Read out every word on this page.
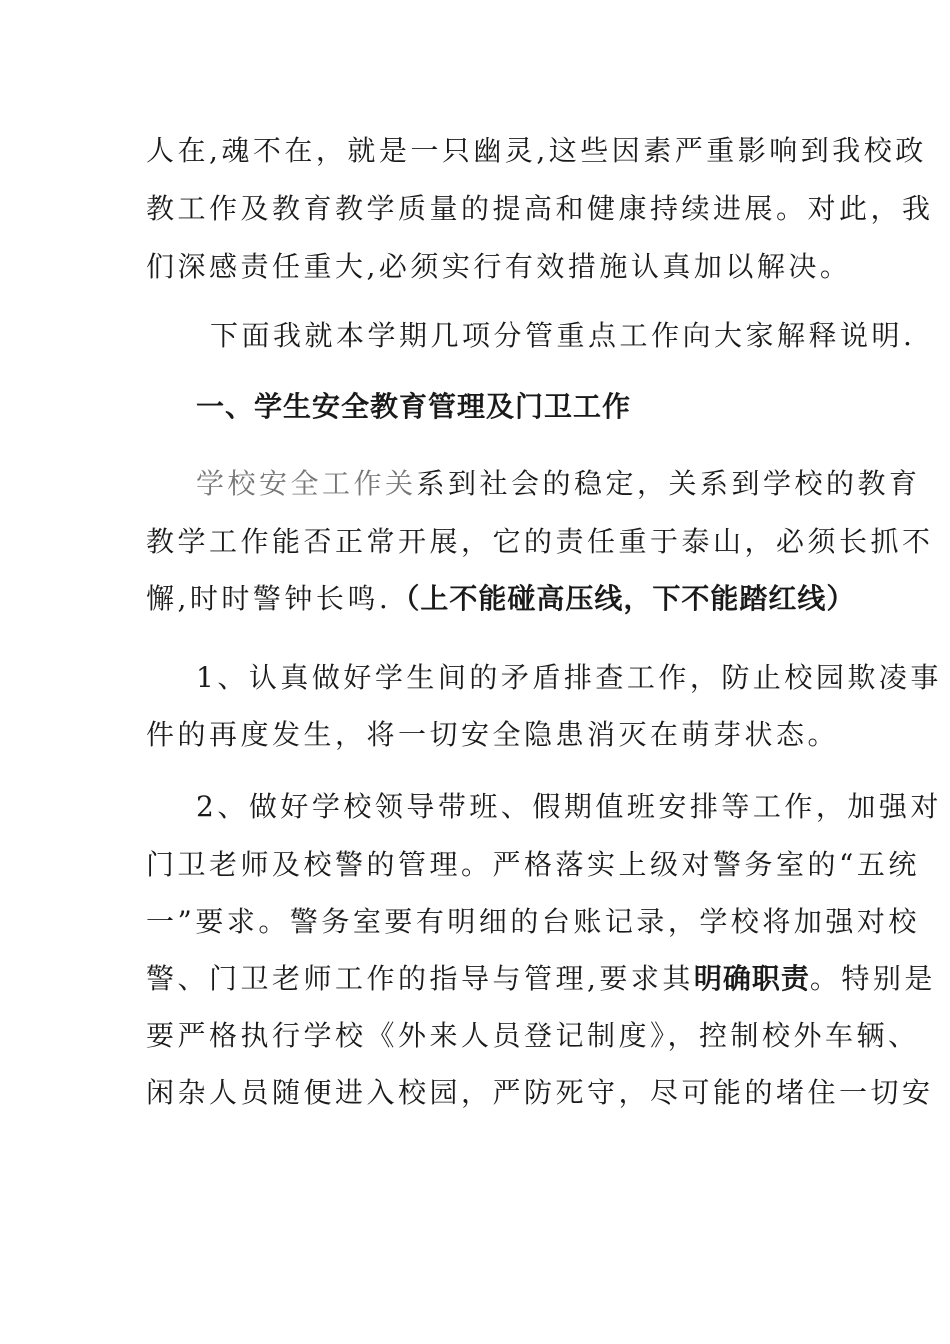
人在,魂不在，就是一只幽灵,这些因素严重影响到我校政
教工作及教育教学质量的提高和健康持续进展。对此，我
们深感责任重大,必须实行有效措施认真加以解决。
下面我就本学期几项分管重点工作向大家解释说明.
一、学生安全教育管理及门卫工作
学校安全工作关系到社会的稳定，关系到学校的教育
教学工作能否正常开展，它的责任重于泰山，必须长抓不
懈,时时警钟长鸣.（上不能碰高压线，下不能踏红线）
1、认真做好学生间的矛盾排查工作，防止校园欺凌事
件的再度发生，将一切安全隐患消灭在萌芽状态。
2、做好学校领导带班、假期值班安排等工作，加强对
门卫老师及校警的管理。严格落实上级对警务室的“五统
一”要求。警务室要有明细的台账记录，学校将加强对校
警、门卫老师工作的指导与管理,要求其明确职责。特别是
要严格执行学校《外来人员登记制度》，控制校外车辆、
闲杂人员随便进入校园，严防死守，尽可能的堵住一切安
